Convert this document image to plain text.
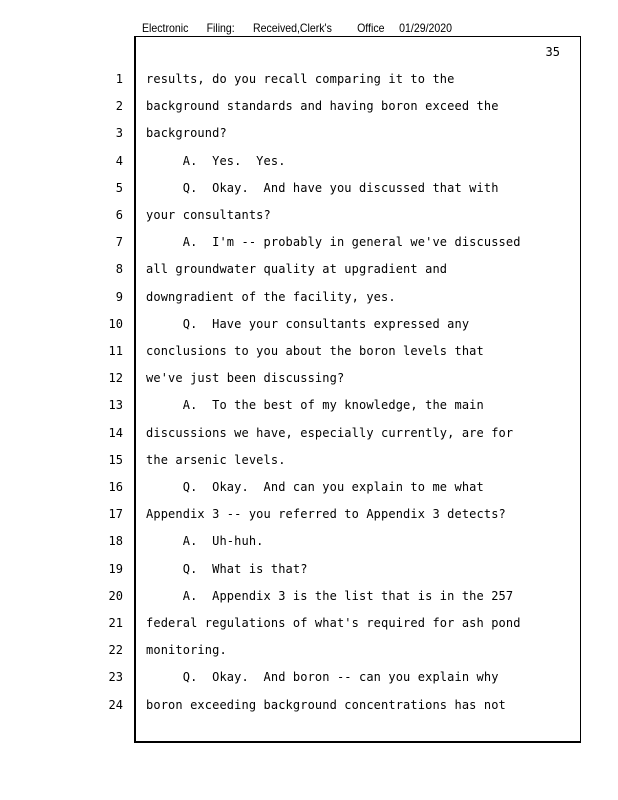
Electronic Filing: Received,Clerk's Office 01/29/2020
35
1 results, do you recall comparing it to the
2 background standards and having boron exceed the
3 background?
4 A.  Yes.  Yes.
5 Q.  Okay.  And have you discussed that with
6 your consultants?
7 A.  I'm -- probably in general we've discussed
8 all groundwater quality at upgradient and
9 downgradient of the facility, yes.
10 Q.  Have your consultants expressed any
11 conclusions to you about the boron levels that
12 we've just been discussing?
13 A.  To the best of my knowledge, the main
14 discussions we have, especially currently, are for
15 the arsenic levels.
16 Q.  Okay.  And can you explain to me what
17 Appendix 3 -- you referred to Appendix 3 detects?
18 A.  Uh-huh.
19 Q.  What is that?
20 A.  Appendix 3 is the list that is in the 257
21 federal regulations of what's required for ash pond
22 monitoring.
23 Q.  Okay.  And boron -- can you explain why
24 boron exceeding background concentrations has not
